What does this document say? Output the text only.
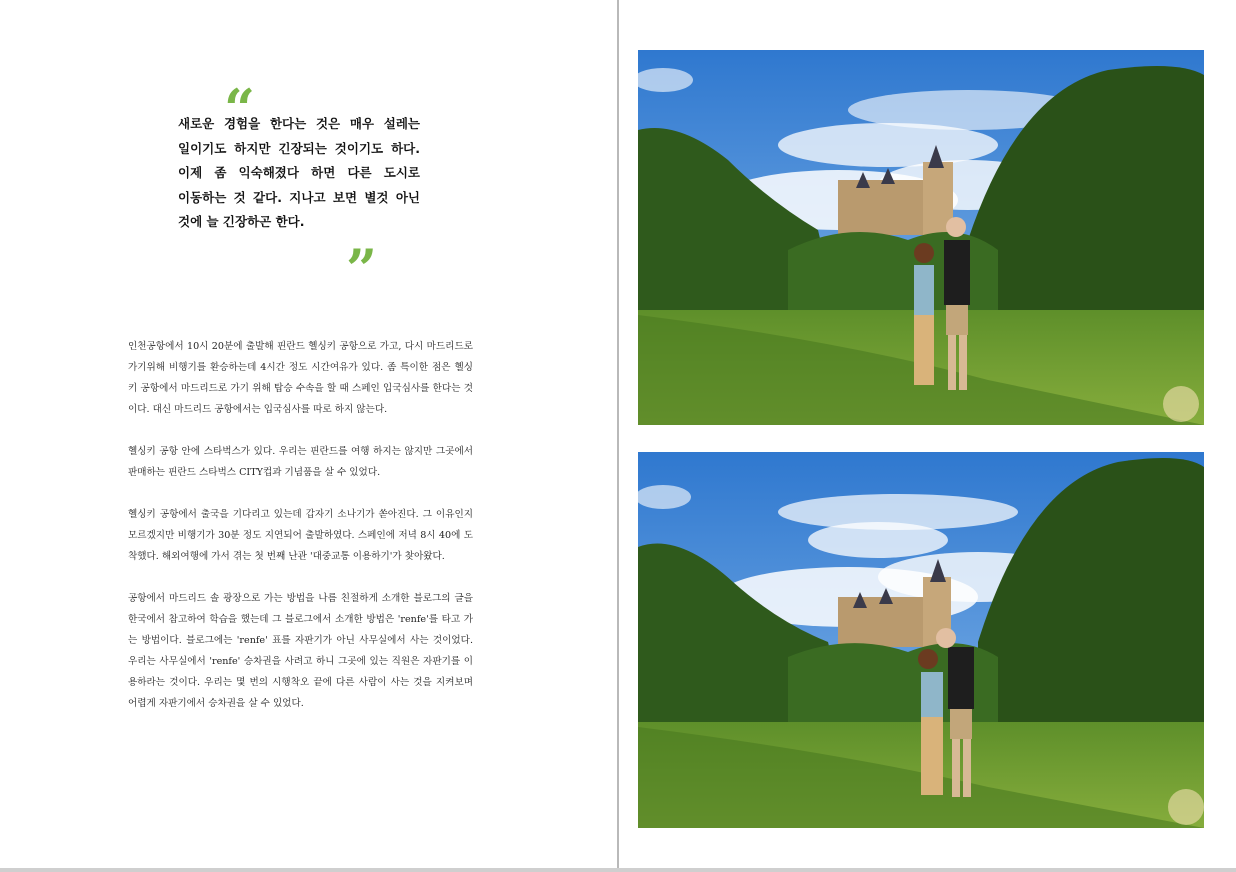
“
새로운 경험을 한다는 것은 매우 설레는 일이기도 하지만 긴장되는 것이기도 하다. 이제 좀 익숙해졌다 하면 다른 도시로 이동하는 것 같다. 지나고 보면 별것 아닌 것에 늘 긴장하곤 한다.
”

인천공항에서 10시 20분에 출발해 핀란드 헬싱키 공항으로 가고, 다시 마드리드로 가기위해 비행기를 환승하는데 4시간 정도 시간여유가 있다. 좀 특이한 점은 헬싱키 공항에서 마드리드로 가기 위해 탑승 수속을 할 때 스페인 입국심사를 한다는 것이다. 대신 마드리드 공항에서는 입국심사를 따로 하지 않는다.

헬싱키 공항 안에 스타벅스가 있다. 우리는 핀란드를 여행 하지는 않지만 그곳에서 판매하는 핀란드 스타벅스 CITY컵과 기념품을 살 수 있었다.

헬싱키 공항에서 출국을 기다리고 있는데 갑자기 소나기가 쏟아진다. 그 이유인지 모르겠지만 비행기가 30분 정도 지연되어 출발하였다. 스페인에 저녁 8시 40에 도착했다. 해외여행에 가서 겪는 첫 번째 난관 '대중교통 이용하기'가 찾아왔다.

공항에서 마드리드 솔 광장으로 가는 방법을 나름 친절하게 소개한 블로그의 글을 한국에서 참고하여 학습을 했는데 그 블로그에서 소개한 방법은 'renfe'를 타고 가는 방법이다. 블로그에는 'renfe' 표를 자판기가 아닌 사무실에서 사는 것이었다. 우리는 사무실에서 'renfe' 승차권을 사려고 하니 그곳에 있는 직원은 자판기를 이용하라는 것이다. 우리는 몇 번의 시행착오 끝에 다른 사람이 사는 것을 지켜보며 어렵게 자판기에서 승차권을 살 수 있었다.
